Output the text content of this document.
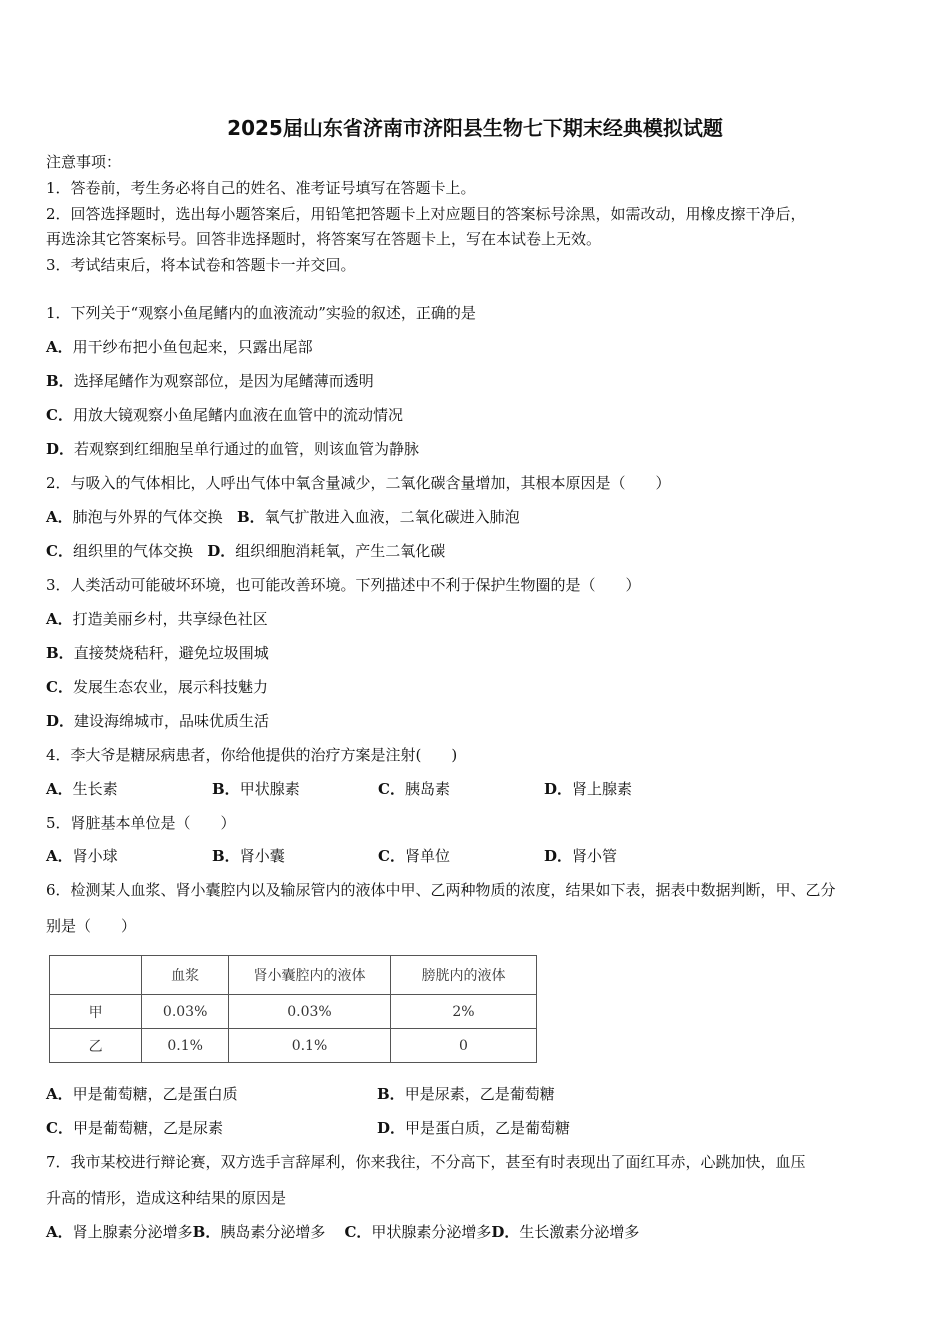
2025届山东省济南市济阳县生物七下期末经典模拟试题
注意事项：
1．答卷前，考生务必将自己的姓名、准考证号填写在答题卡上。
2．回答选择题时，选出每小题答案后，用铅笔把答题卡上对应题目的答案标号涂黑，如需改动，用橡皮擦干净后，
再选涂其它答案标号。回答非选择题时，将答案写在答题卡上，写在本试卷上无效。
3．考试结束后，将本试卷和答题卡一并交回。
1．下列关于“观察小鱼尾鳍内的血液流动”实验的叙述，正确的是
A．用干纱布把小鱼包起来，只露出尾部
B．选择尾鳍作为观察部位，是因为尾鳍薄而透明
C．用放大镜观察小鱼尾鳍内血液在血管中的流动情况
D．若观察到红细胞呈单行通过的血管，则该血管为静脉
2．与吸入的气体相比，人呼出气体中氧含量减少，二氧化碳含量增加，其根本原因是（　　）
A．肺泡与外界的气体交换 B．氧气扩散进入血液，二氧化碳进入肺泡
C．组织里的气体交换 D．组织细胞消耗氧，产生二氧化碳
3．人类活动可能破坏环境，也可能改善环境。下列描述中不利于保护生物圈的是（　　）
A．打造美丽乡村，共享绿色社区
B．直接焚烧秸秆，避免垃圾围城
C．发展生态农业，展示科技魅力
D．建设海绵城市，品味优质生活
4．李大爷是糖尿病患者，你给他提供的治疗方案是注射(　　)
A．生长素	B．甲状腺素	C．胰岛素	D．肾上腺素
5．肾脏基本单位是（　　）
A．肾小球	B．肾小囊	C．肾单位	D．肾小管
6．检测某人血浆、肾小囊腔内以及输尿管内的液体中甲、乙两种物质的浓度，结果如下表，据表中数据判断，甲、乙分
别是（　　）
	血浆	肾小囊腔内的液体	膀胱内的液体
甲	0.03%	0.03%	2%
乙	0.1%	0.1%	0
A．甲是葡萄糖，乙是蛋白质	B．甲是尿素，乙是葡萄糖
C．甲是葡萄糖，乙是尿素	D．甲是蛋白质，乙是葡萄糖
7．我市某校进行辩论赛，双方选手言辞犀利，你来我往，不分高下，甚至有时表现出了面红耳赤，心跳加快，血压
升高的情形，造成这种结果的原因是
A．肾上腺素分泌增多B．胰岛素分泌增多 C．甲状腺素分泌增多D．生长激素分泌增多
